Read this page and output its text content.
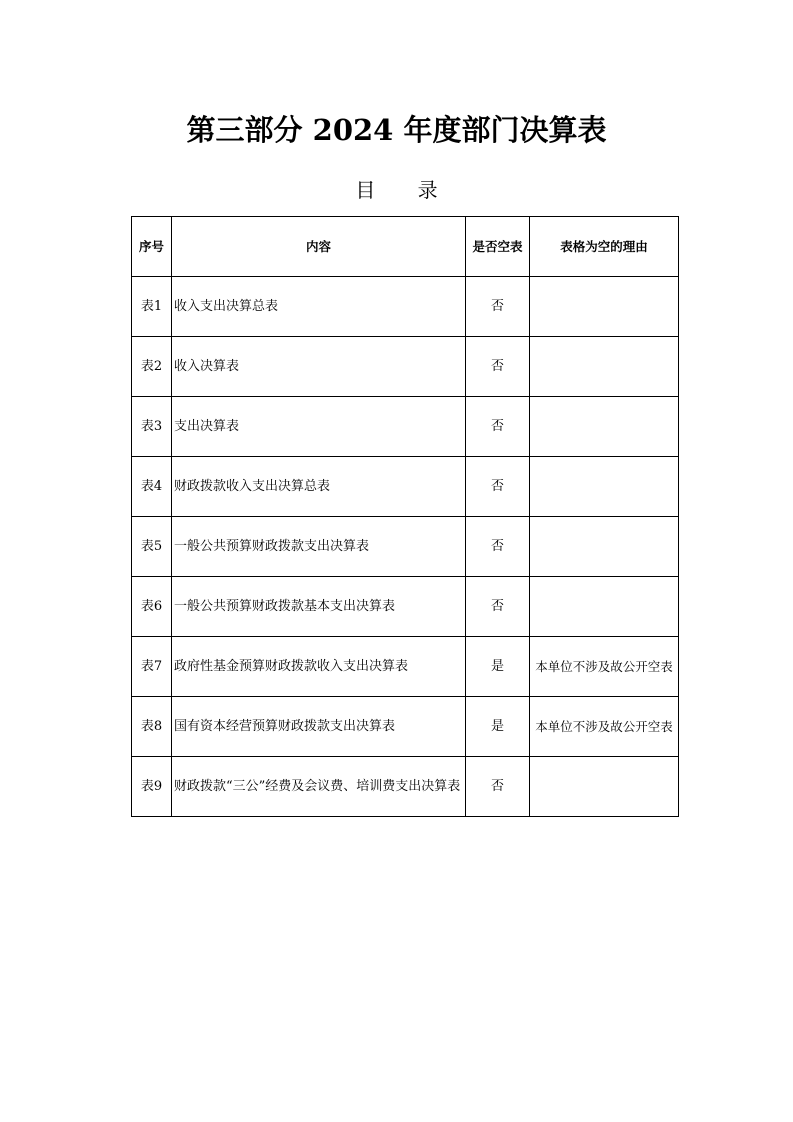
第三部分 2024 年度部门决算表
目 录
序号	内容	是否空表	表格为空的理由
表1	收入支出决算总表	否	
表2	收入决算表	否	
表3	支出决算表	否	
表4	财政拨款收入支出决算总表	否	
表5	一般公共预算财政拨款支出决算表	否	
表6	一般公共预算财政拨款基本支出决算表	否	
表7	政府性基金预算财政拨款收入支出决算表	是	本单位不涉及故公开空表
表8	国有资本经营预算财政拨款支出决算表	是	本单位不涉及故公开空表
表9	财政拨款“三公”经费及会议费、培训费支出决算表	否	
